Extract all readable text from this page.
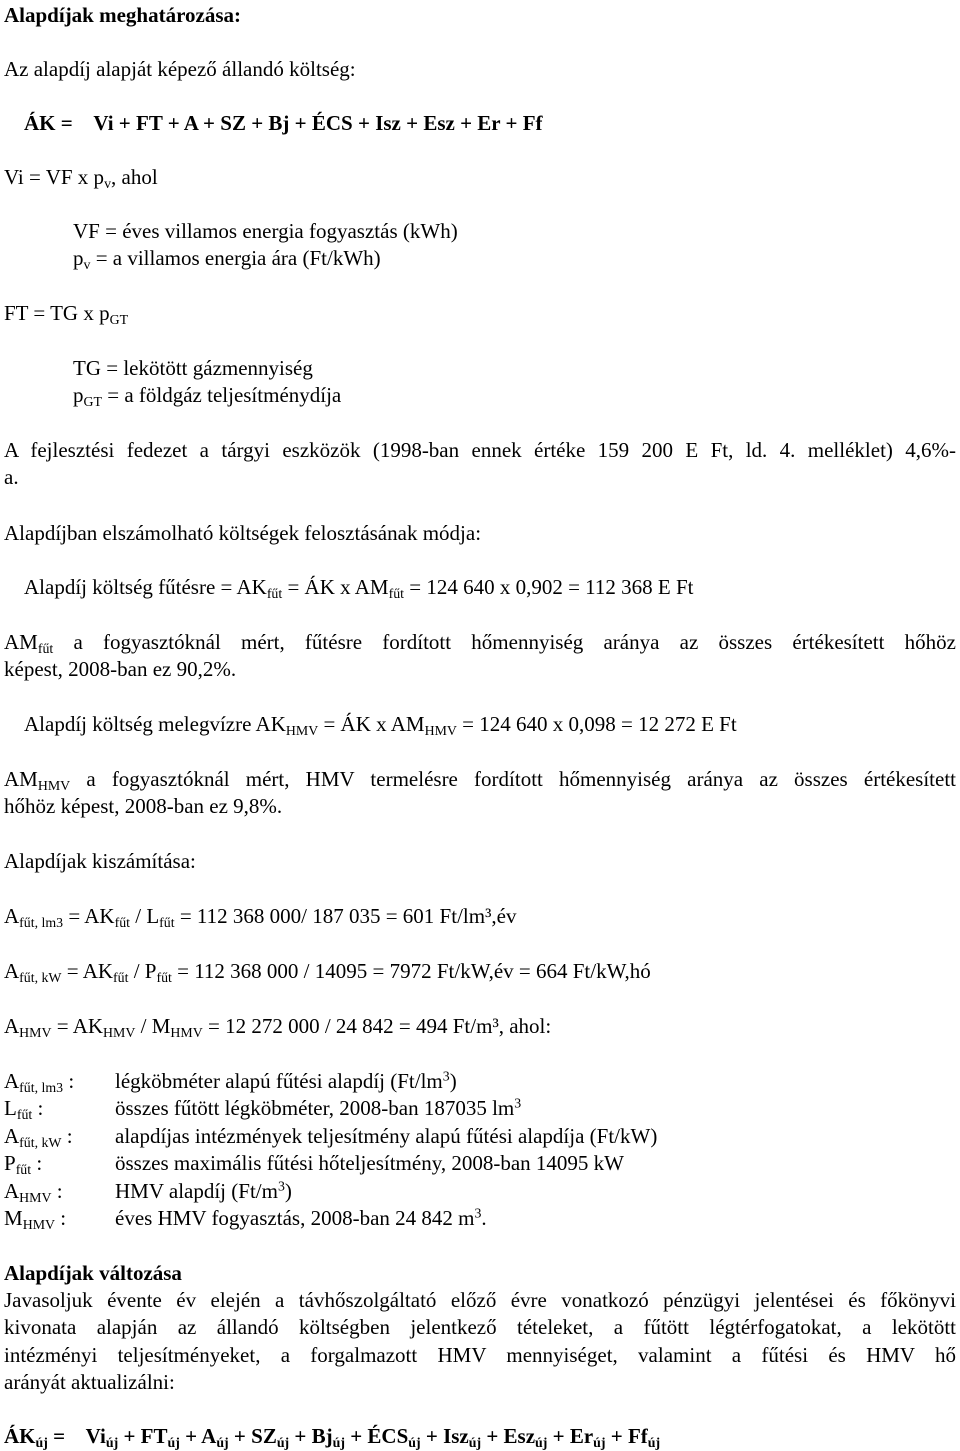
Alapdíjak meghatározása:
Az alapdíj alapját képező állandó költség:
ÁK =    Vi + FT + A + SZ + Bj + ÉCS + Isz + Esz + Er + Ff
Vi = VF x $p_v$, ahol
VF = éves villamos energia fogyasztás (kWh)
$p_v = a$ villamos energia ára (Ft/kWh)
FT = TG x $p_{GT}$
TG = lekötött gázmennyiség
$p_{GT} = a$ földgáz teljesítménydíja
A fejlesztési fedezet a tárgyi eszközök (1998-ban ennek értéke 159 200 E Ft, ld. 4. melléklet) 4,6%-
a.
Alapdíjban elszámolható költségek felosztásának módja:
Alapdíj költség fűtésre = $AK_{fűt}$ = ÁK x $AM_{fűt} = 124$ 640 x 0,902 = 112 368 E Ft
$AM_{fűt}$ a fogyasztóknál mért, fűtésre fordított hőmennyiség aránya az összes értékesített hőhöz
képest, 2008-ban ez 90,2%.
Alapdíj költség melegvízre $AK_{HMV}$ = ÁK x $AM_{HMV} = 124$ 640 x 0,098 = 12 272 E Ft
$AM_{HMV}$ a fogyasztóknál mért, HMV termelésre fordított hőmennyiség aránya az összes értékesített
hőhöz képest, 2008-ban ez 9,8%.
Alapdíjak kiszámítása:
$A_{fűt, lm3} = AK_{fűt} / L_{fűt} = 112$ 368 000/ 187 035 = 601 Ft/lm³,év
$A_{fűt, kW} = AK_{fűt} / P_{fűt} = 112$ 368 000 / 14095 = 7972 Ft/kW,év = 664 Ft/kW,hó
$A_{HMV} = AK_{HMV} / M_{HMV} = 12$ 272 000 / 24 842 = 494 Ft/m³, ahol:
$A_{fűt, lm3}$ : légköbméter alapú fűtési alapdíj $(Ft/lm^3)$
$L_{fűt}$ :	összes fűtött légköbméter, 2008-ban 187035 $lm^3$
$A_{fűt, kW}$ : alapdíjas intézmények teljesítmény alapú fűtési alapdíja (Ft/kW)
$P_{fűt}$ :	összes maximális fűtési hőteljesítmény, 2008-ban 14095 kW
$A_{HMV}$ : HMV alapdíj $(Ft/m^3)$
$M_{HMV}$ : éves HMV fogyasztás, 2008-ban 24 842 $m^3$.
Alapdíjak változása
Javasoljuk évente év elején a távhőszolgáltató előző évre vonatkozó pénzügyi jelentései és főkönyvi
kivonata alapján az állandó költségben jelentkező tételeket, a fűtött légtérfogatokat, a lekötött
intézményi teljesítményeket, a forgalmazott HMV mennyiséget, valamint a fűtési és HMV hő
arányát aktualizálni:
$ÁK_{új}$ =    $Vi_{új} + FT_{új} + A_{új} + SZ_{új} + Bj_{új}$ + $ÉCS_{új} + Isz_{új} + Esz_{új} + Er_{új} + Ff_{új}$
